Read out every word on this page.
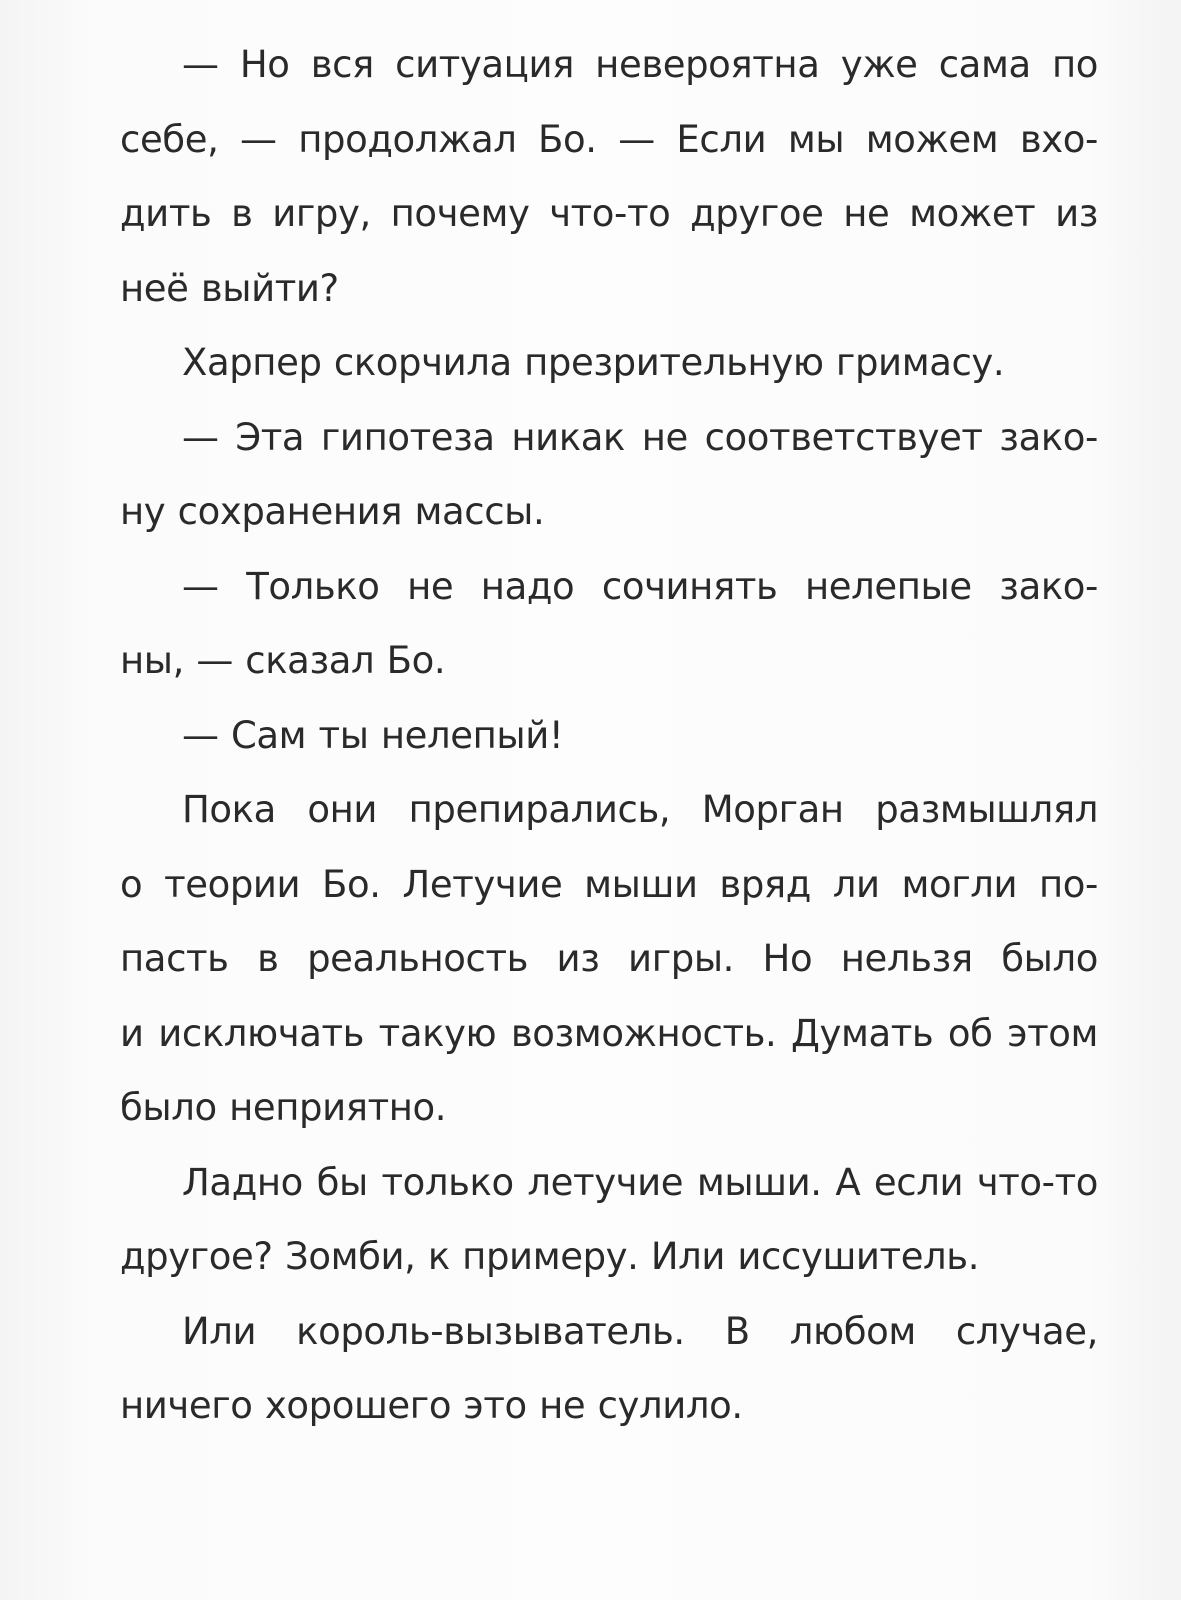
— Но вся ситуация невероятна уже сама по
себе, — продолжал Бо. — Если мы можем вхо-
дить в игру, почему что-то другое не может из
неё выйти?
Харпер скорчила презрительную гримасу.
— Эта гипотеза никак не соответствует зако-
ну сохранения массы.
— Только не надо сочинять нелепые зако-
ны, — сказал Бо.
— Сам ты нелепый!
Пока они препирались, Морган размышлял
о теории Бо. Летучие мыши вряд ли могли по-
пасть в реальность из игры. Но нельзя было
и исключать такую возможность. Думать об этом
было неприятно.
Ладно бы только летучие мыши. А если что-то
другое? Зомби, к примеру. Или иссушитель.
Или король-вызыватель. В любом случае,
ничего хорошего это не сулило.
